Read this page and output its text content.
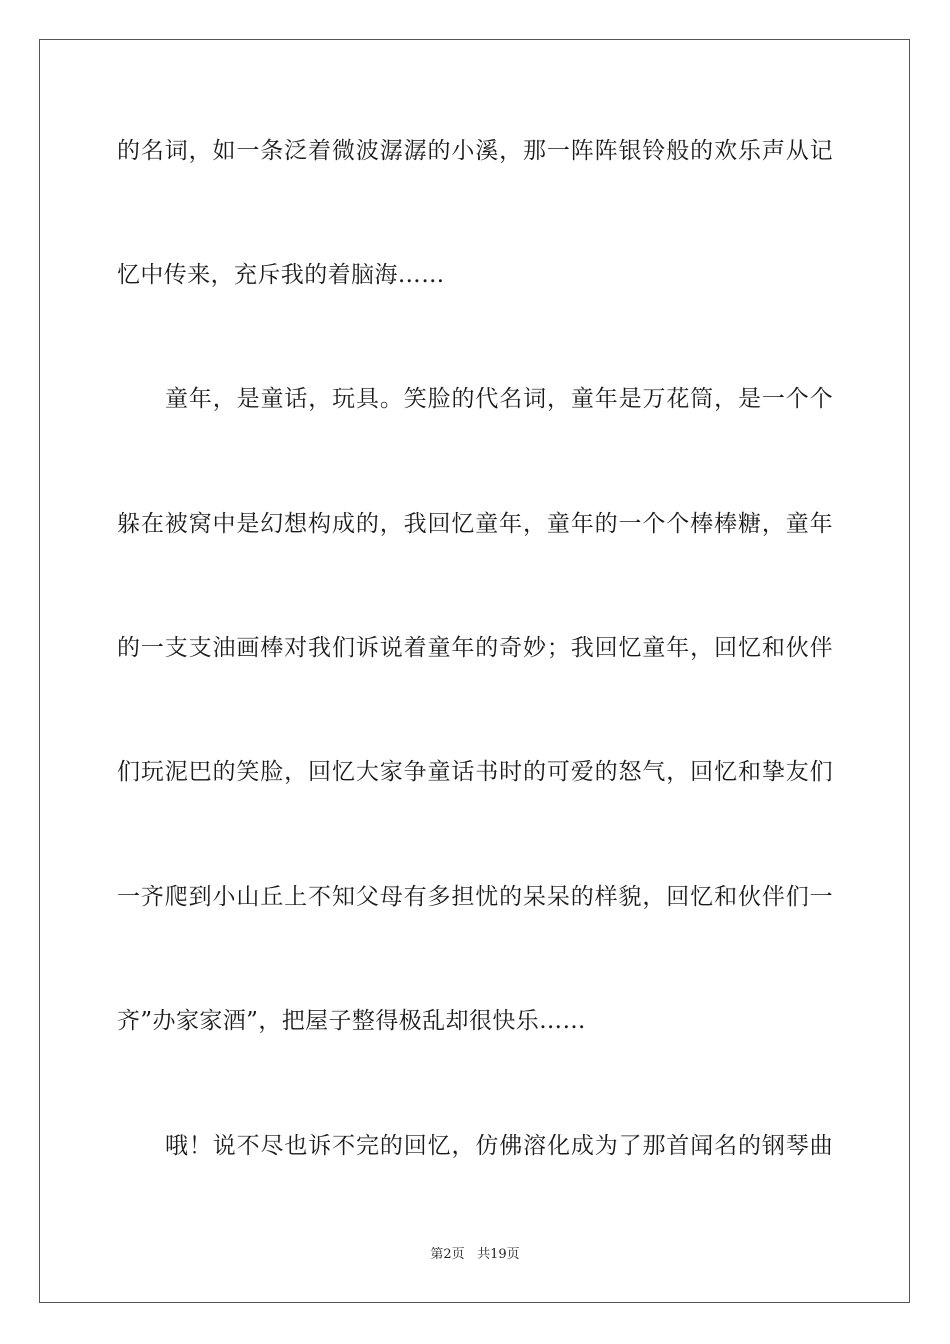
的名词，如一条泛着微波潺潺的小溪，那一阵阵银铃般的欢乐声从记
忆中传来，充斥我的着脑海……
童年，是童话，玩具。笑脸的代名词，童年是万花筒，是一个个
躲在被窝中是幻想构成的，我回忆童年，童年的一个个棒棒糖，童年
的一支支油画棒对我们诉说着童年的奇妙；我回忆童年，回忆和伙伴
们玩泥巴的笑脸，回忆大家争童话书时的可爱的怒气，回忆和挚友们
一齐爬到小山丘上不知父母有多担忧的呆呆的样貌，回忆和伙伴们一
齐”办家家酒”，把屋子整得极乱却很快乐……
哦！说不尽也诉不完的回忆，仿佛溶化成为了那首闻名的钢琴曲
第2页 共19页
